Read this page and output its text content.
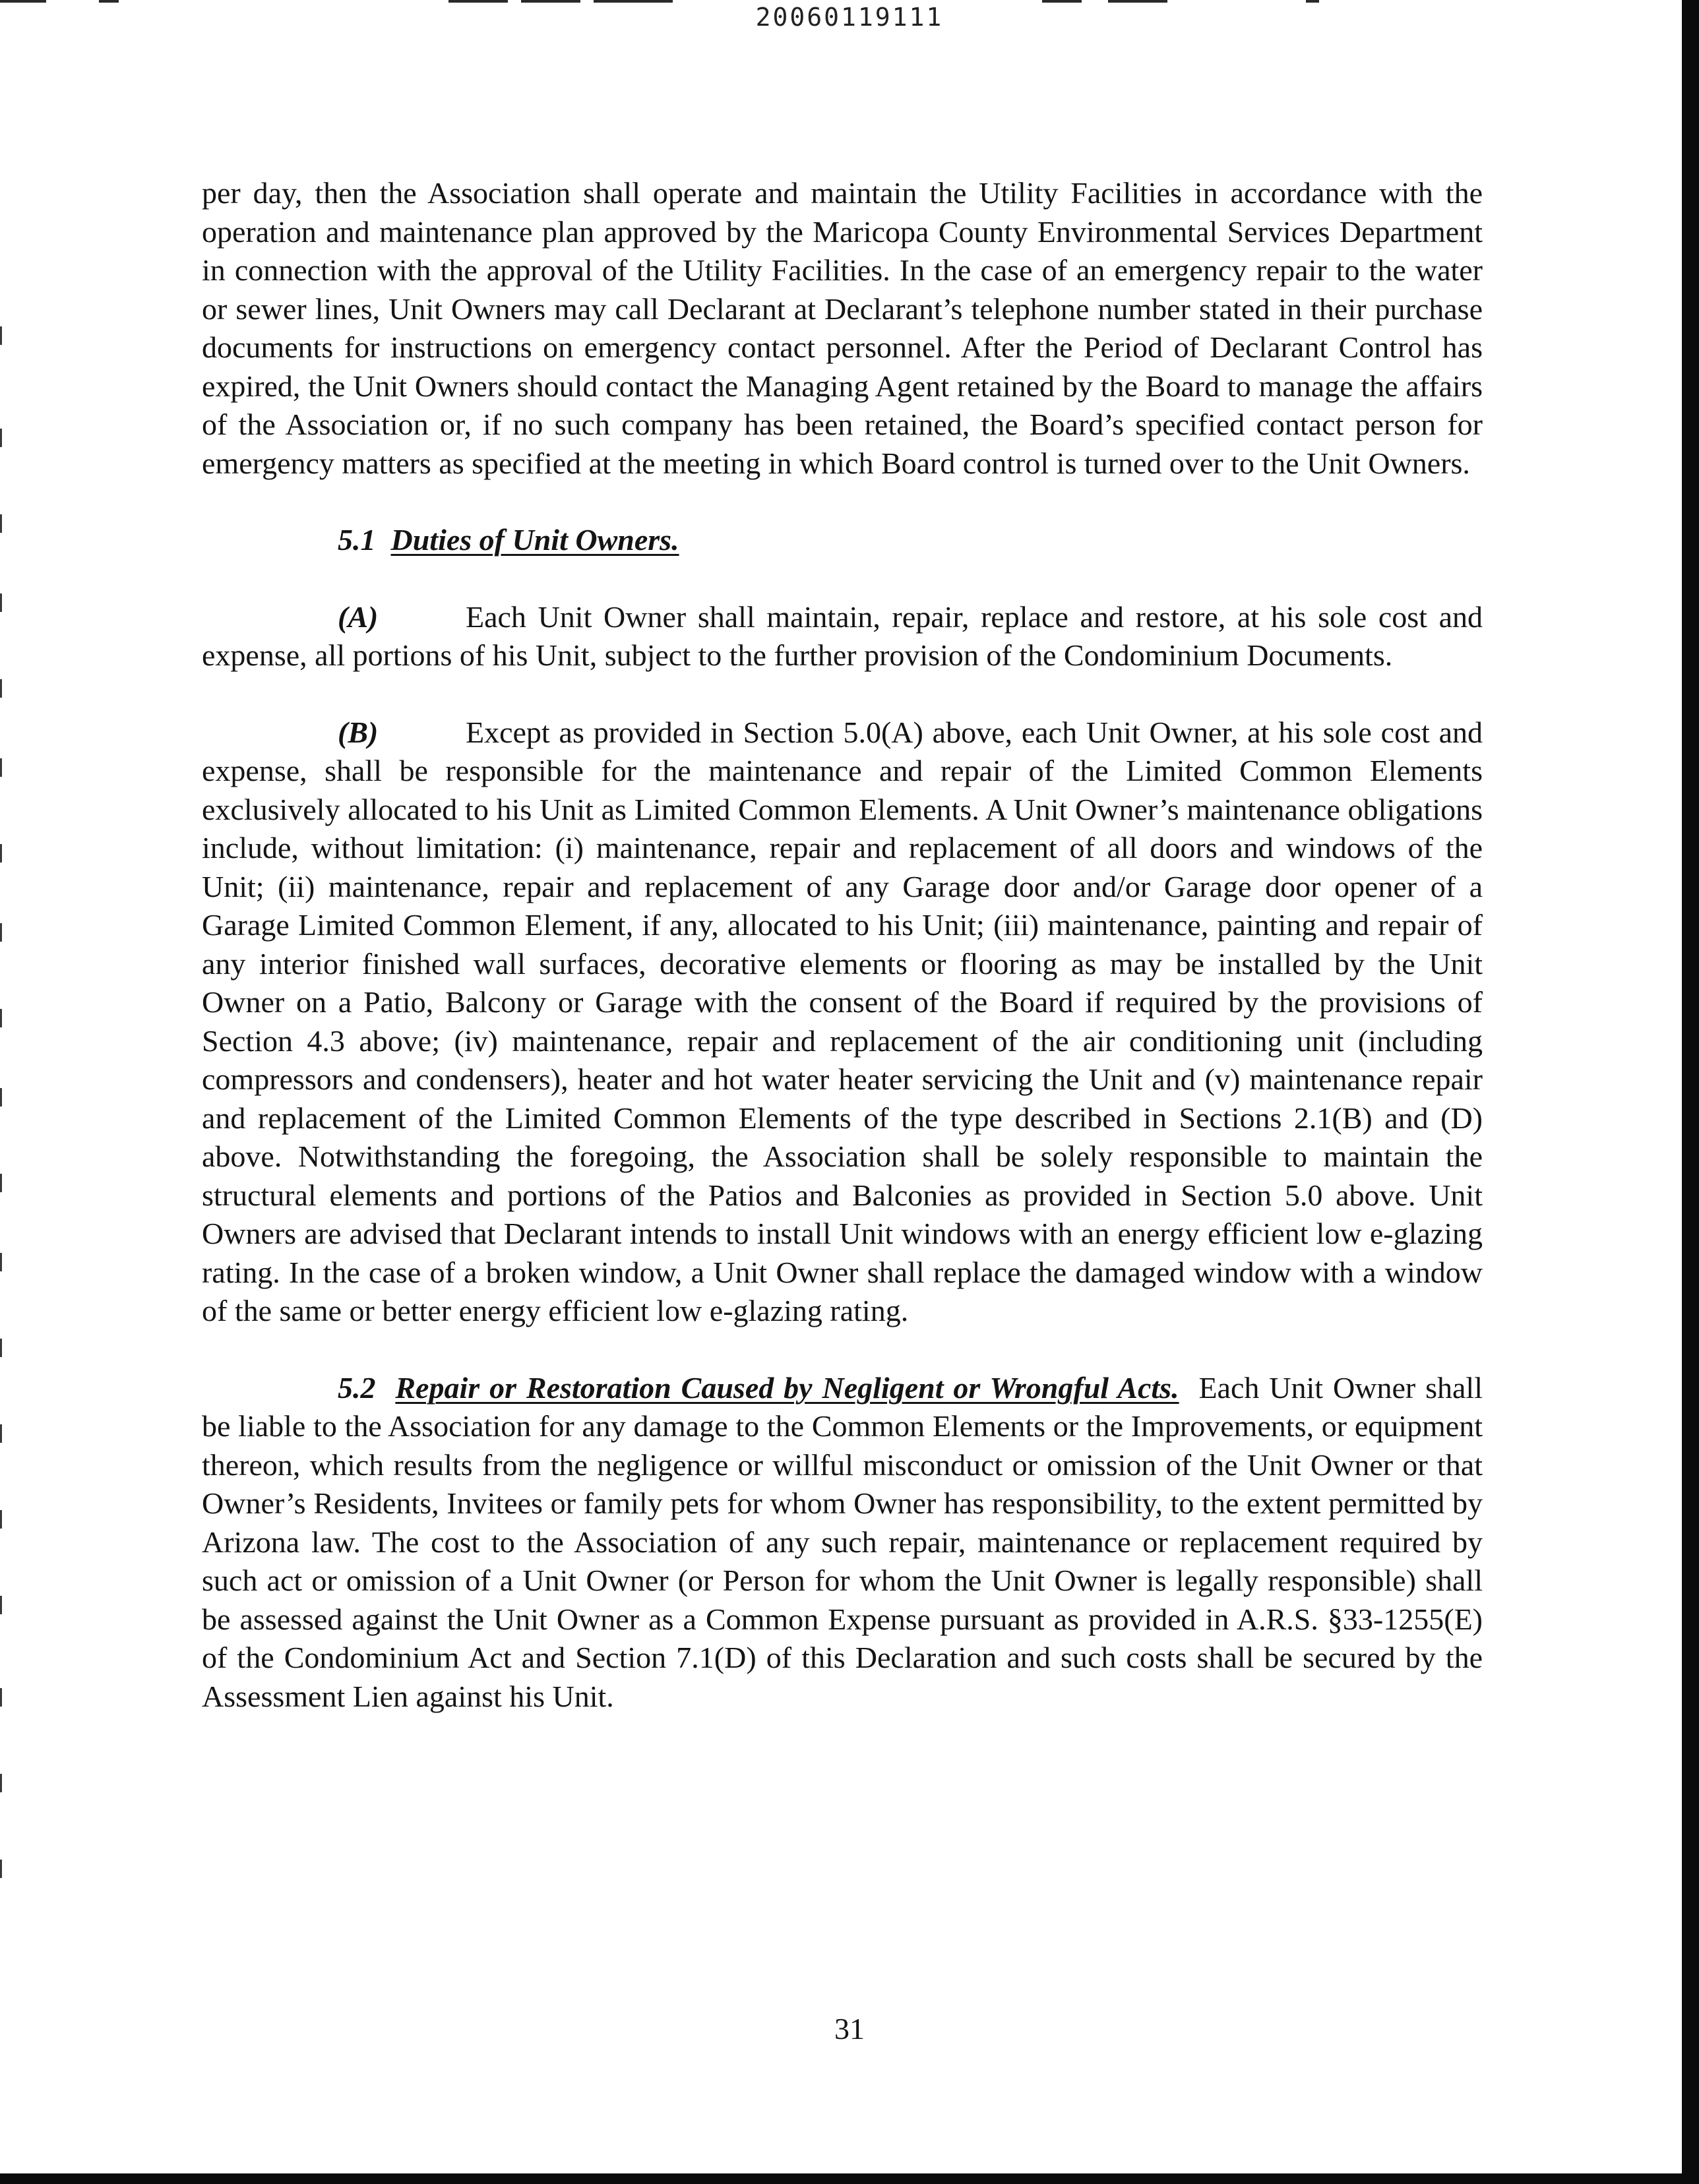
20060119111

per day, then the Association shall operate and maintain the Utility Facilities in accordance with the operation and maintenance plan approved by the Maricopa County Environmental Services Department in connection with the approval of the Utility Facilities. In the case of an emergency repair to the water or sewer lines, Unit Owners may call Declarant at Declarant’s telephone number stated in their purchase documents for instructions on emergency contact personnel. After the Period of Declarant Control has expired, the Unit Owners should contact the Managing Agent retained by the Board to manage the affairs of the Association or, if no such company has been retained, the Board’s specified contact person for emergency matters as specified at the meeting in which Board control is turned over to the Unit Owners.

5.1 Duties of Unit Owners.

(A)	Each Unit Owner shall maintain, repair, replace and restore, at his sole cost and expense, all portions of his Unit, subject to the further provision of the Condominium Documents.

(B)	Except as provided in Section 5.0(A) above, each Unit Owner, at his sole cost and expense, shall be responsible for the maintenance and repair of the Limited Common Elements exclusively allocated to his Unit as Limited Common Elements. A Unit Owner’s maintenance obligations include, without limitation: (i) maintenance, repair and replacement of all doors and windows of the Unit; (ii) maintenance, repair and replacement of any Garage door and/or Garage door opener of a Garage Limited Common Element, if any, allocated to his Unit; (iii) maintenance, painting and repair of any interior finished wall surfaces, decorative elements or flooring as may be installed by the Unit Owner on a Patio, Balcony or Garage with the consent of the Board if required by the provisions of Section 4.3 above; (iv) maintenance, repair and replacement of the air conditioning unit (including compressors and condensers), heater and hot water heater servicing the Unit and (v) maintenance repair and replacement of the Limited Common Elements of the type described in Sections 2.1(B) and (D) above. Notwithstanding the foregoing, the Association shall be solely responsible to maintain the structural elements and portions of the Patios and Balconies as provided in Section 5.0 above. Unit Owners are advised that Declarant intends to install Unit windows with an energy efficient low e-glazing rating. In the case of a broken window, a Unit Owner shall replace the damaged window with a window of the same or better energy efficient low e-glazing rating.

5.2 Repair or Restoration Caused by Negligent or Wrongful Acts. Each Unit Owner shall be liable to the Association for any damage to the Common Elements or the Improvements, or equipment thereon, which results from the negligence or willful misconduct or omission of the Unit Owner or that Owner’s Residents, Invitees or family pets for whom Owner has responsibility, to the extent permitted by Arizona law. The cost to the Association of any such repair, maintenance or replacement required by such act or omission of a Unit Owner (or Person for whom the Unit Owner is legally responsible) shall be assessed against the Unit Owner as a Common Expense pursuant as provided in A.R.S. §33-1255(E) of the Condominium Act and Section 7.1(D) of this Declaration and such costs shall be secured by the Assessment Lien against his Unit.

31
